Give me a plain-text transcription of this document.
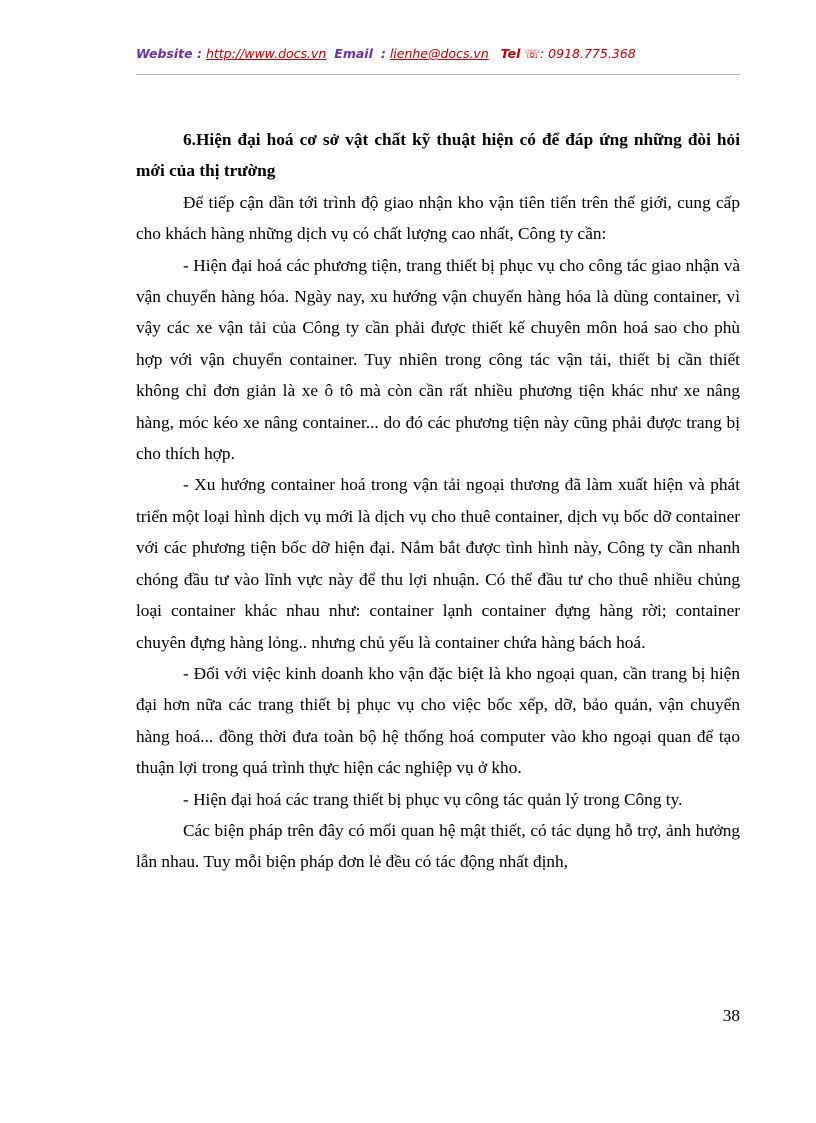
Website : http://www.docs.vn Email : lienhe@docs.vn Tel ☏: 0918.775.368

6.Hiện đại hoá cơ sở vật chất kỹ thuật hiện có để đáp ứng những đòi hỏi mới của thị trường

Để tiếp cận dần tới trình độ giao nhận kho vận tiên tiến trên thế giới, cung cấp cho khách hàng những dịch vụ có chất lượng cao nhất, Công ty cần:

- Hiện đại hoá các phương tiện, trang thiết bị phục vụ cho công tác giao nhận và vận chuyển hàng hóa. Ngày nay, xu hướng vận chuyển hàng hóa là dùng container, vì vậy các xe vận tải của Công ty cần phải được thiết kế chuyên môn hoá sao cho phù hợp với vận chuyển container. Tuy nhiên trong công tác vận tải, thiết bị cần thiết không chỉ đơn giản là xe ô tô mà còn cần rất nhiều phương tiện khác như xe nâng hàng, móc kéo xe nâng container... do đó các phương tiện này cũng phải được trang bị cho thích hợp.

- Xu hướng container hoá trong vận tải ngoại thương đã làm xuất hiện và phát triển một loại hình dịch vụ mới là dịch vụ cho thuê container, dịch vụ bốc dỡ container với các phương tiện bốc dỡ hiện đại. Nắm bắt được tình hình này, Công ty cần nhanh chóng đầu tư vào lĩnh vực này để thu lợi nhuận. Có thể đầu tư cho thuê nhiều chủng loại container khác nhau như: container lạnh container đựng hàng rời; container chuyên đựng hàng lỏng.. nhưng chủ yếu là container chứa hàng bách hoá.

- Đối với việc kinh doanh kho vận đặc biệt là kho ngoại quan, cần trang bị hiện đại hơn nữa các trang thiết bị phục vụ cho việc bốc xếp, dỡ, bảo quản, vận chuyển hàng hoá... đồng thời đưa toàn bộ hệ thống hoá computer vào kho ngoại quan để tạo thuận lợi trong quá trình thực hiện các nghiệp vụ ở kho.

- Hiện đại hoá các trang thiết bị phục vụ công tác quản lý trong Công ty.

Các biện pháp trên đây có mối quan hệ mật thiết, có tác dụng hỗ trợ, ảnh hưởng lẫn nhau. Tuy mỗi biện pháp đơn lẻ đều có tác động nhất định,

38
